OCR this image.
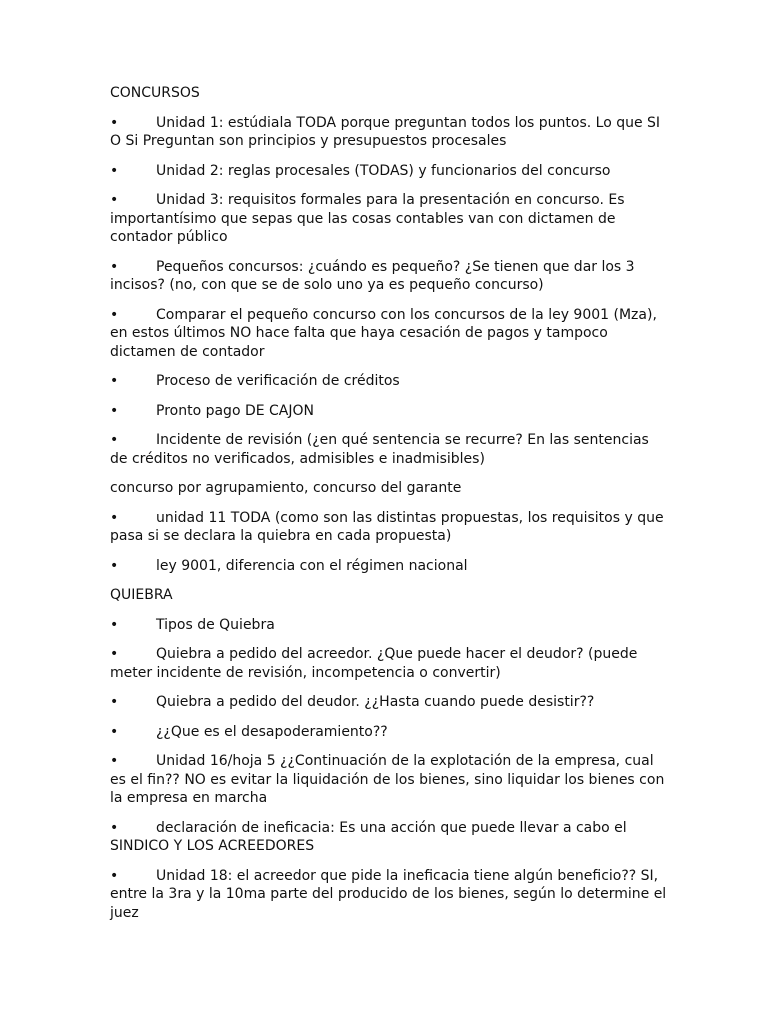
CONCURSOS

•	Unidad 1: estúdiala TODA porque preguntan todos los puntos. Lo que SI O Si Preguntan son principios y presupuestos procesales

•	Unidad 2: reglas procesales (TODAS) y funcionarios del concurso

•	Unidad 3: requisitos formales para la presentación en concurso. Es importantísimo que sepas que las cosas contables van con dictamen de contador público

•	Pequeños concursos: ¿cuándo es pequeño? ¿Se tienen que dar los 3 incisos? (no, con que se de solo uno ya es pequeño concurso)

•	Comparar el pequeño concurso con los concursos de la ley 9001 (Mza), en estos últimos NO hace falta que haya cesación de pagos y tampoco dictamen de contador

•	Proceso de verificación de créditos

•	Pronto pago DE CAJON

•	Incidente de revisión (¿en qué sentencia se recurre? En las sentencias de créditos no verificados, admisibles e inadmisibles)

concurso por agrupamiento, concurso del garante

•	unidad 11 TODA (como son las distintas propuestas, los requisitos y que pasa si se declara la quiebra en cada propuesta)

•	ley 9001, diferencia con el régimen nacional

QUIEBRA

•	Tipos de Quiebra

•	Quiebra a pedido del acreedor. ¿Que puede hacer el deudor? (puede meter incidente de revisión, incompetencia o convertir)

•	Quiebra a pedido del deudor. ¿¿Hasta cuando puede desistir??

•	¿¿Que es el desapoderamiento??

•	Unidad 16/hoja 5 ¿¿Continuación de la explotación de la empresa, cual es el fin?? NO es evitar la liquidación de los bienes, sino liquidar los bienes con la empresa en marcha

•	declaración de ineficacia: Es una acción que puede llevar a cabo el SINDICO Y LOS ACREEDORES

•	Unidad 18: el acreedor que pide la ineficacia tiene algún beneficio?? SI, entre la 3ra y la 10ma parte del producido de los bienes, según lo determine el juez
